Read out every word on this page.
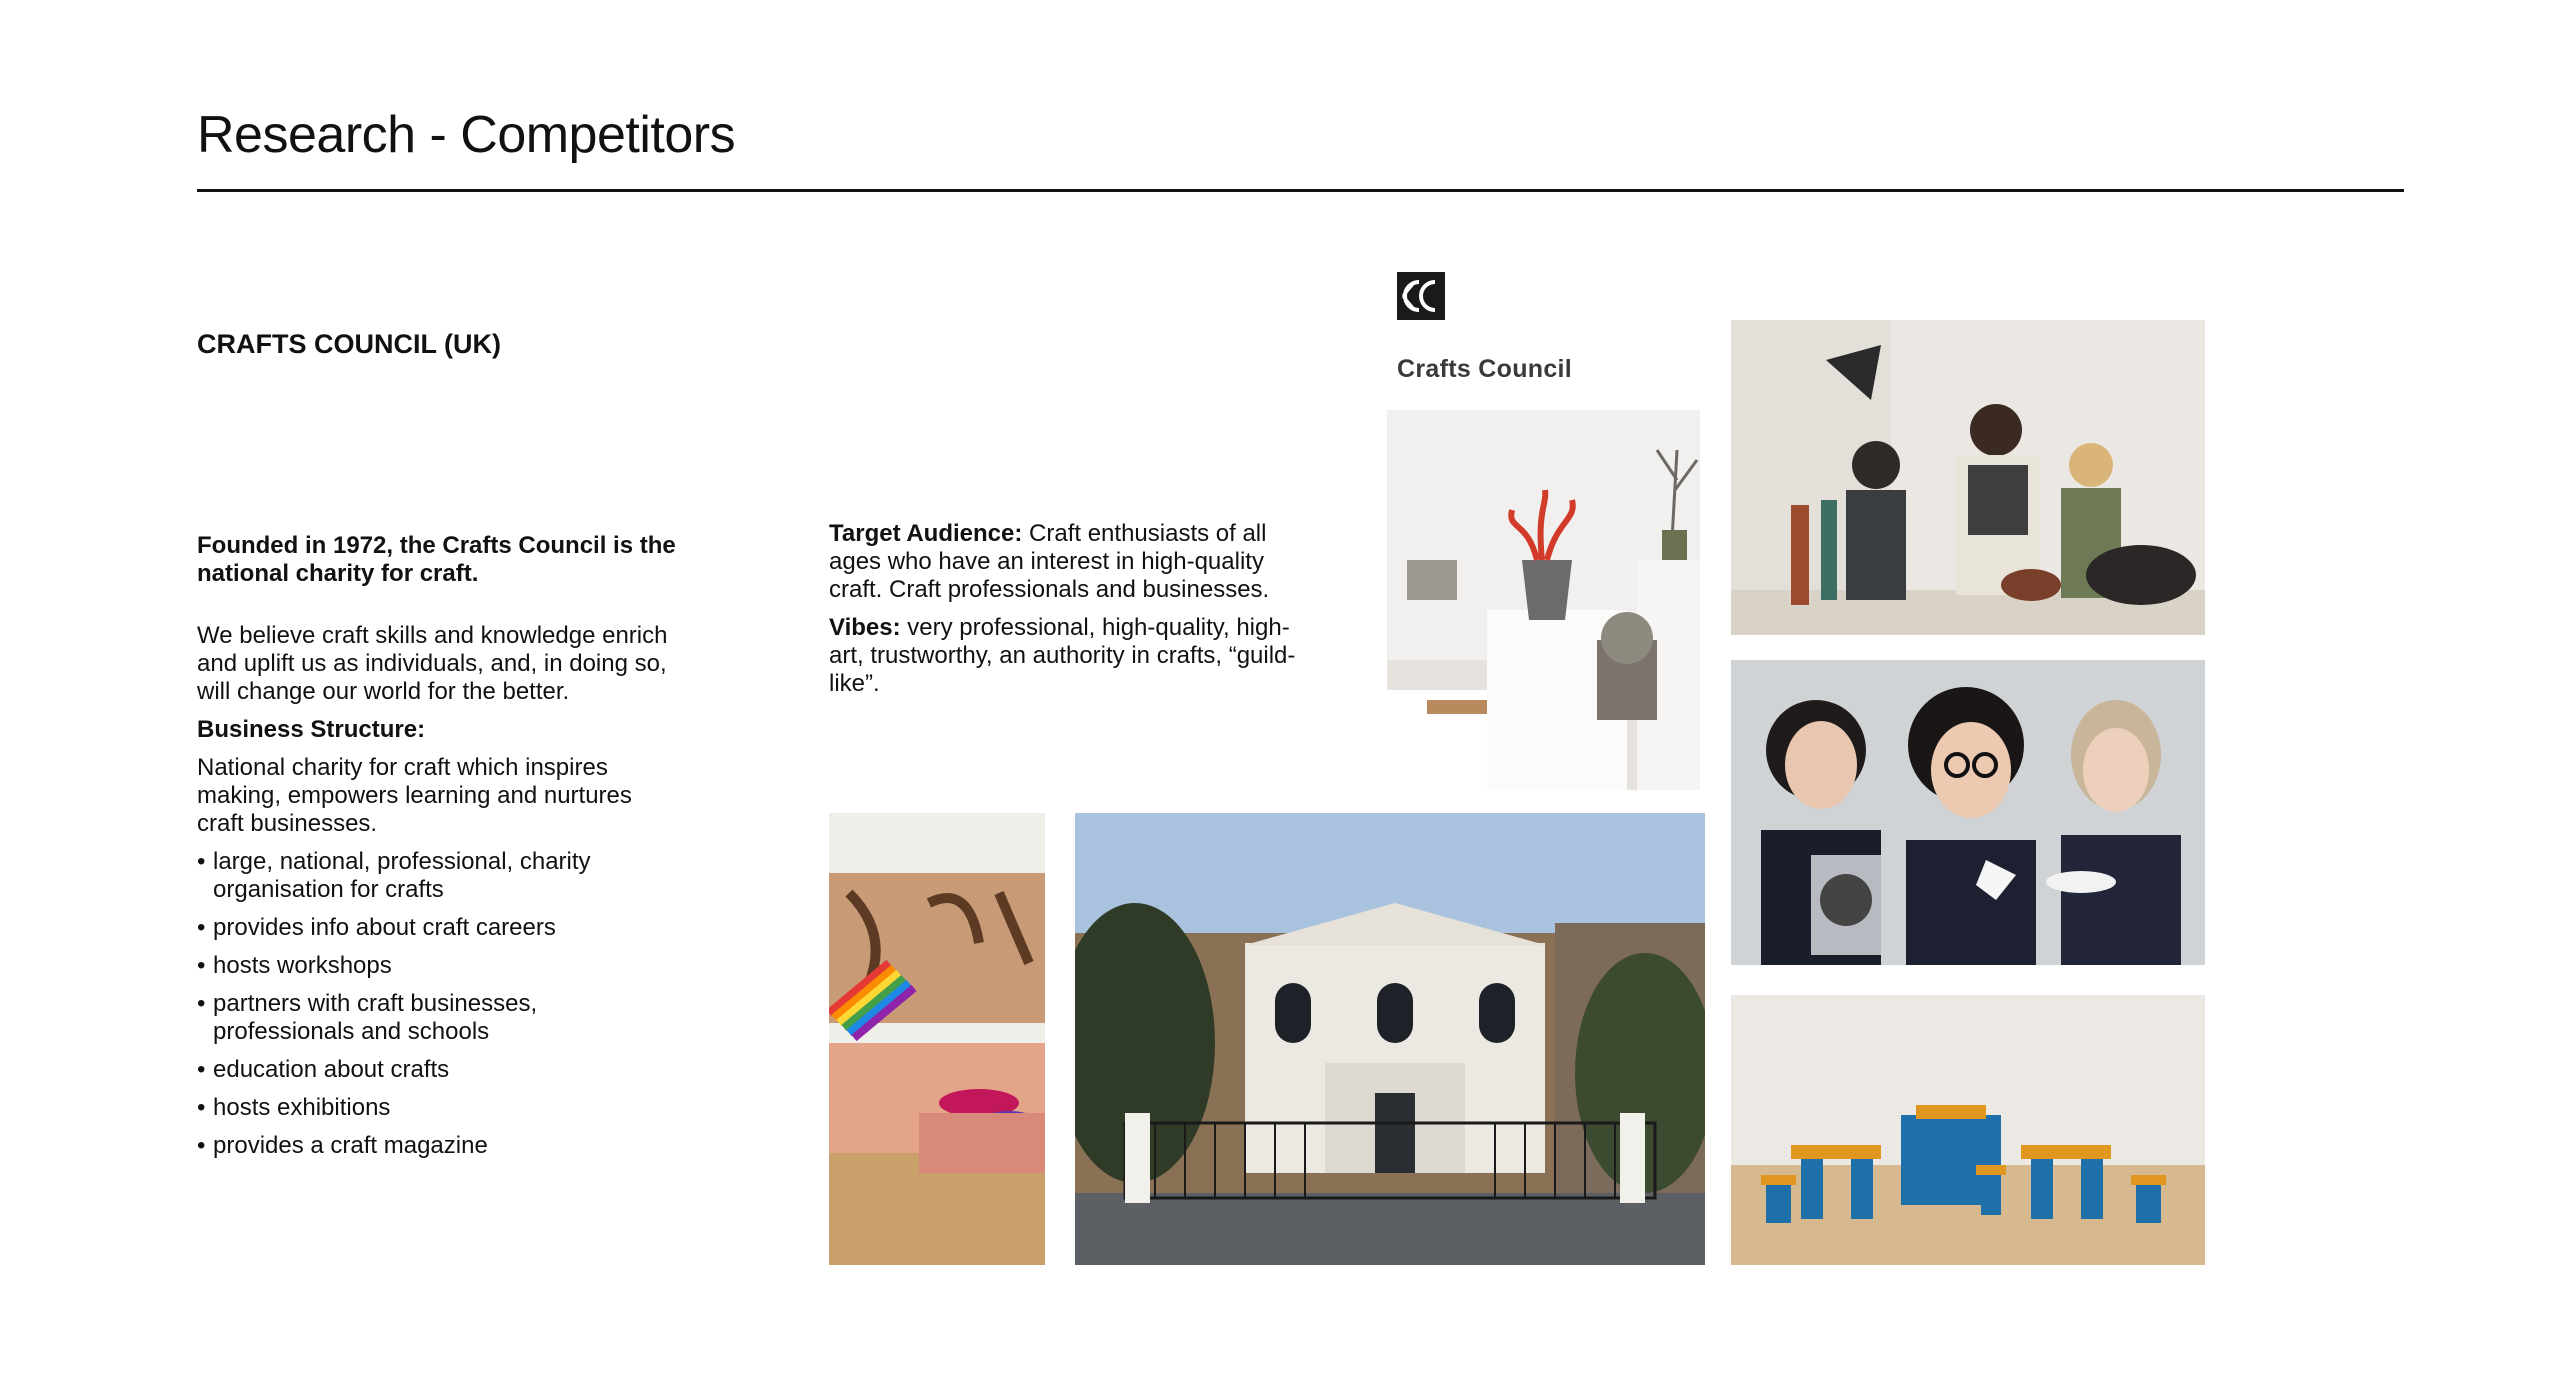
Research - Competitors
CRAFTS COUNCIL (UK)

Founded in 1972, the Crafts Council is the national charity for craft.

We believe craft skills and knowledge enrich and uplift us as individuals, and, in doing so, will change our world for the better.

Business Structure:

National charity for craft which inspires making, empowers learning and nurtures craft businesses.

• large, national, professional, charity organisation for crafts
• provides info about craft careers
• hosts workshops
• partners with craft businesses, professionals and schools
• education about crafts
• hosts exhibitions
• provides a craft magazine

Target Audience: Craft enthusiasts of all ages who have an interest in high-quality craft. Craft professionals and businesses.

Vibes: very professional, high-quality, high-art, trustworthy, an authority in crafts, “guild-like”.

Crafts Council
